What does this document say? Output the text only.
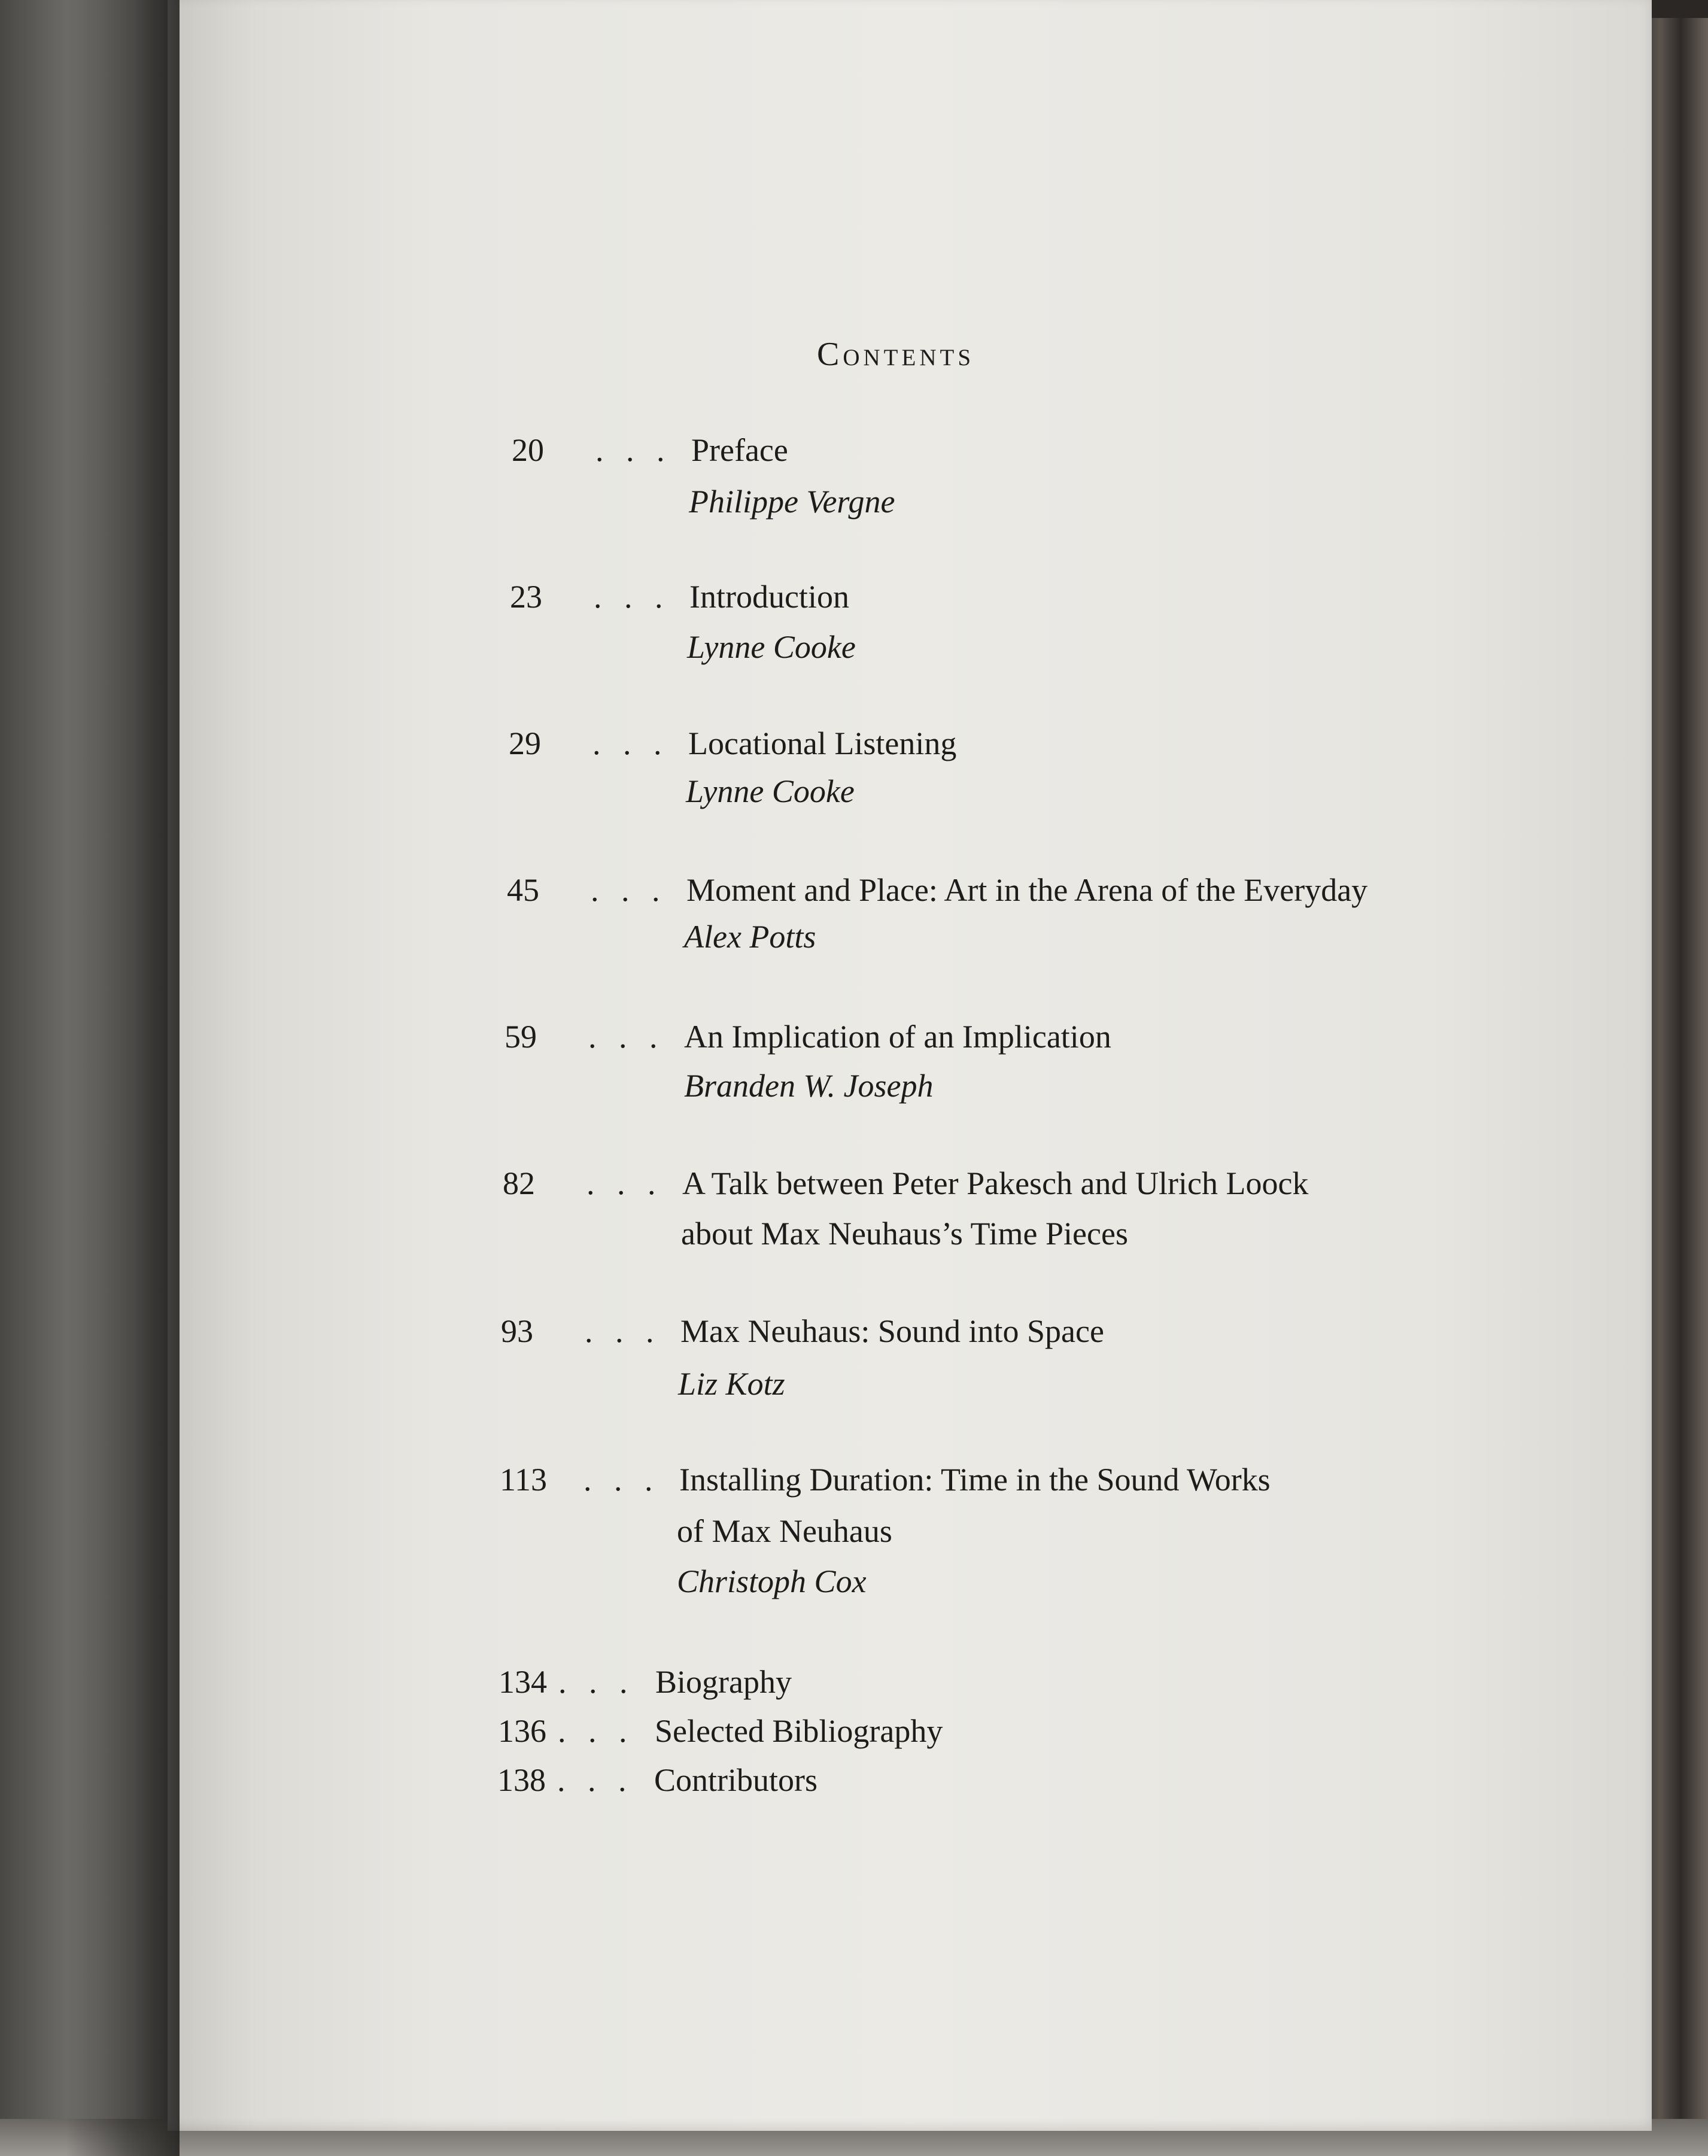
Contents
20	. . . Preface
Philippe Vergne
23	. . . Introduction
Lynne Cooke
29	. . . Locational Listening
Lynne Cooke
45	. . . Moment and Place: Art in the Arena of the Everyday
Alex Potts
59	. . . An Implication of an Implication
Branden W. Joseph
82	. . . A Talk between Peter Pakesch and Ulrich Loock
about Max Neuhaus’s Time Pieces
93	. . . Max Neuhaus: Sound into Space
Liz Kotz
113	. . . Installing Duration: Time in the Sound Works
of Max Neuhaus
Christoph Cox
134 . . . Biography
136 . . . Selected Bibliography
138 . . . Contributors
